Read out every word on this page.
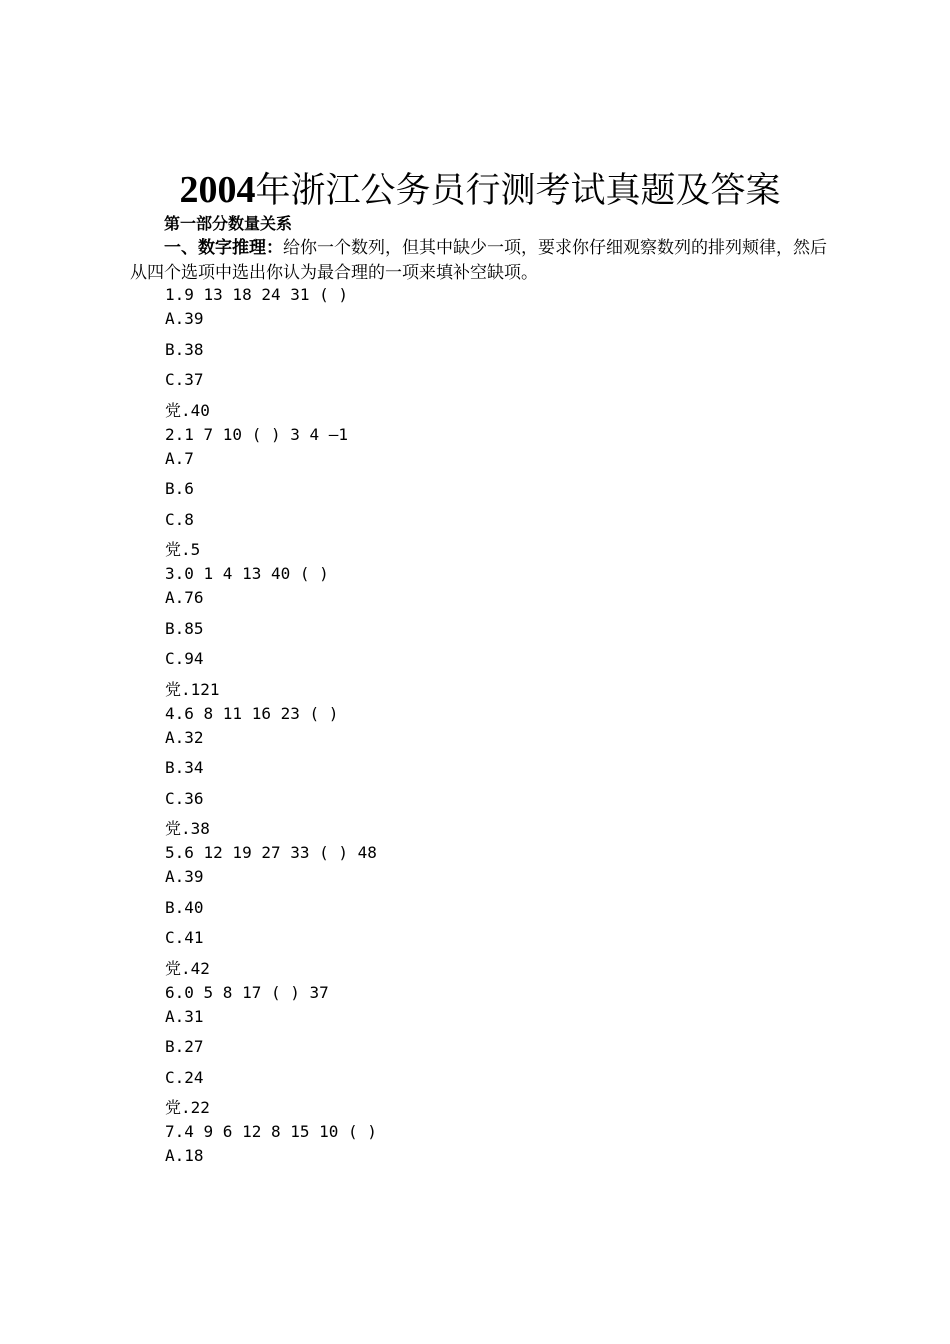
2004年浙江公务员行测考试真题及答案
第一部分数量关系
一、数字推理：给你一个数列，但其中缺少一项，要求你仔细观察数列的排列颊律，然后从四个选项中选出你认为最合理的一项来填补空缺项。
1.9 13 18 24 31 ( )
A.39
B.38
C.37
党.40
2.1 7 10 ( ) 3 4 —1
A.7
B.6
C.8
党.5
3.0 1 4 13 40 ( )
A.76
B.85
C.94
党.121
4.6 8 11 16 23 ( )
A.32
B.34
C.36
党.38
5.6 12 19 27 33 ( ) 48
A.39
B.40
C.41
党.42
6.0 5 8 17 ( ) 37
A.31
B.27
C.24
党.22
7.4 9 6 12 8 15 10 ( )
A.18
